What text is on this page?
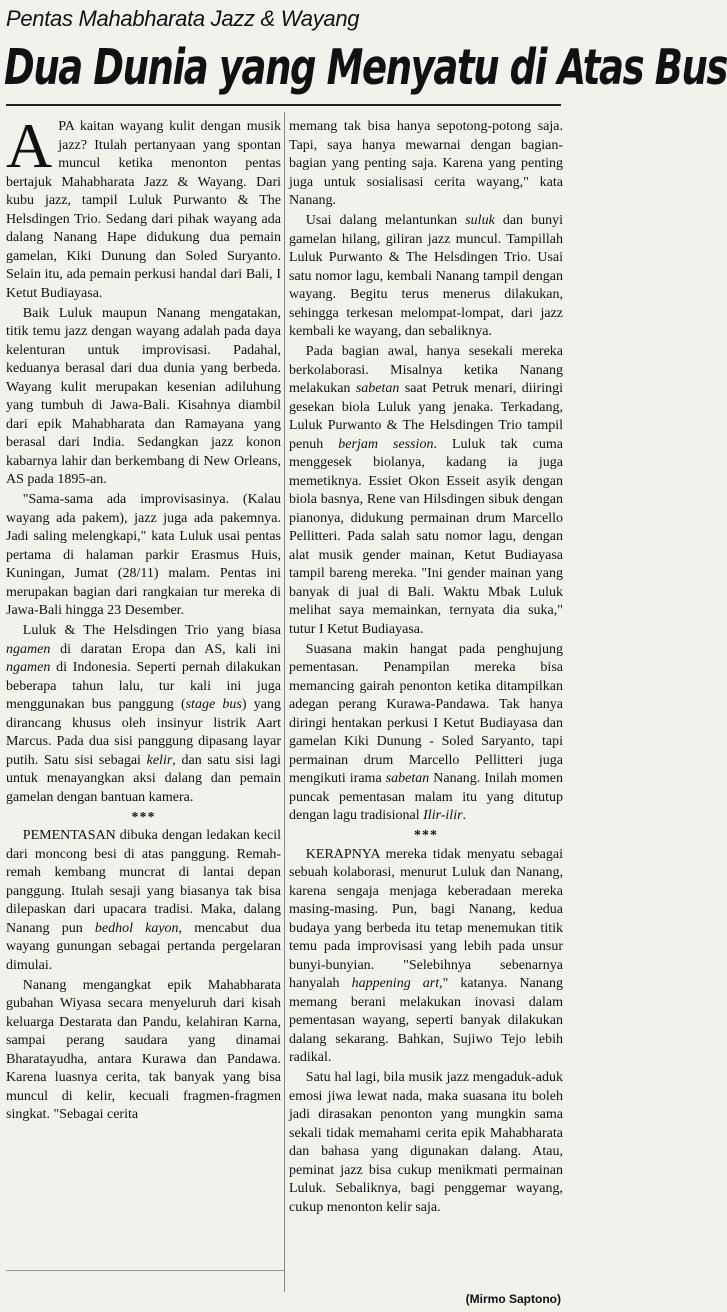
Pentas Mahabharata Jazz & Wayang
Dua Dunia yang Menyatu di Atas Bus

APA kaitan wayang kulit dengan musik jazz? Itulah pertanyaan yang spontan muncul ketika menonton pentas bertajuk Mahabharata Jazz & Wayang. Dari kubu jazz, tampil Luluk Purwanto & The Helsdingen Trio. Sedang dari pihak wayang ada dalang Nanang Hape didukung dua pemain gamelan, Kiki Dunung dan Soled Suryanto. Selain itu, ada pemain perkusi handal dari Bali, I Ketut Budiayasa.

Baik Luluk maupun Nanang mengatakan, titik temu jazz dengan wayang adalah pada daya kelenturan untuk improvisasi. Padahal, keduanya berasal dari dua dunia yang berbeda. Wayang kulit merupakan kesenian adiluhung yang tumbuh di Jawa-Bali. Kisahnya diambil dari epik Mahabharata dan Ramayana yang berasal dari India. Sedangkan jazz konon kabarnya lahir dan berkembang di New Orleans, AS pada 1895-an.

"Sama-sama ada improvisasinya. (Kalau wayang ada pakem), jazz juga ada pakemnya. Jadi saling melengkapi," kata Luluk usai pentas pertama di halaman parkir Erasmus Huis, Kuningan, Jumat (28/11) malam. Pentas ini merupakan bagian dari rangkaian tur mereka di Jawa-Bali hingga 23 Desember.

Luluk & The Helsdingen Trio yang biasa ngamen di daratan Eropa dan AS, kali ini ngamen di Indonesia. Seperti pernah dilakukan beberapa tahun lalu, tur kali ini juga menggunakan bus panggung (stage bus) yang dirancang khusus oleh insinyur listrik Aart Marcus. Pada dua sisi panggung dipasang layar putih. Satu sisi sebagai kelir, dan satu sisi lagi untuk menayangkan aksi dalang dan pemain gamelan dengan bantuan kamera.

***

PEMENTASAN dibuka dengan ledakan kecil dari moncong besi di atas panggung. Remah-remah kembang muncrat di lantai depan panggung. Itulah sesaji yang biasanya tak bisa dilepaskan dari upacara tradisi. Maka, dalang Nanang pun bedhol kayon, mencabut dua wayang gunungan sebagai pertanda pergelaran dimulai.

Nanang mengangkat epik Mahabharata gubahan Wiyasa secara menyeluruh dari kisah keluarga Destarata dan Pandu, kelahiran Karna, sampai perang saudara yang dinamai Bharatayudha, antara Kurawa dan Pandawa. Karena luasnya cerita, tak banyak yang bisa muncul di kelir, kecuali fragmen-fragmen singkat. "Sebagai cerita

memang tak bisa hanya sepotong-potong saja. Tapi, saya hanya mewarnai dengan bagian-bagian yang penting saja. Karena yang penting juga untuk sosialisasi cerita wayang," kata Nanang.

Usai dalang melantunkan suluk dan bunyi gamelan hilang, giliran jazz muncul. Tampillah Luluk Purwanto & The Helsdingen Trio. Usai satu nomor lagu, kembali Nanang tampil dengan wayang. Begitu terus menerus dilakukan, sehingga terkesan melompat-lompat, dari jazz kembali ke wayang, dan sebaliknya.

Pada bagian awal, hanya sesekali mereka berkolaborasi. Misalnya ketika Nanang melakukan sabetan saat Petruk menari, diiringi gesekan biola Luluk yang jenaka. Terkadang, Luluk Purwanto & The Helsdingen Trio tampil penuh berjam session. Luluk tak cuma menggesek biolanya, kadang ia juga memetiknya. Essiet Okon Esseit asyik dengan biola basnya, Rene van Hilsdingen sibuk dengan pianonya, didukung permainan drum Marcello Pellitteri. Pada salah satu nomor lagu, dengan alat musik gender mainan, Ketut Budiayasa tampil bareng mereka. "Ini gender mainan yang banyak di jual di Bali. Waktu Mbak Luluk melihat saya memainkan, ternyata dia suka," tutur I Ketut Budiayasa.

Suasana makin hangat pada penghujung pementasan. Penampilan mereka bisa memancing gairah penonton ketika ditampilkan adegan perang Kurawa-Pandawa. Tak hanya diringi hentakan perkusi I Ketut Budiayasa dan gamelan Kiki Dunung - Soled Saryanto, tapi permainan drum Marcello Pellitteri juga mengikuti irama sabetan Nanang. Inilah momen puncak pementasan malam itu yang ditutup dengan lagu tradisional Ilir-ilir.

***

KERAPNYA mereka tidak menyatu sebagai sebuah kolaborasi, menurut Luluk dan Nanang, karena sengaja menjaga keberadaan mereka masing-masing. Pun, bagi Nanang, kedua budaya yang berbeda itu tetap menemukan titik temu pada improvisasi yang lebih pada unsur bunyi-bunyian. "Selebihnya sebenarnya hanyalah happening art," katanya. Nanang memang berani melakukan inovasi dalam pementasan wayang, seperti banyak dilakukan dalang sekarang. Bahkan, Sujiwo Tejo lebih radikal.

Satu hal lagi, bila musik jazz mengaduk-aduk emosi jiwa lewat nada, maka suasana itu boleh jadi dirasakan penonton yang mungkin sama sekali tidak memahami cerita epik Mahabharata dan bahasa yang digunakan dalang. Atau, peminat jazz bisa cukup menikmati permainan Luluk. Sebaliknya, bagi penggemar wayang, cukup menonton kelir saja.

(Mirmo Saptono)
